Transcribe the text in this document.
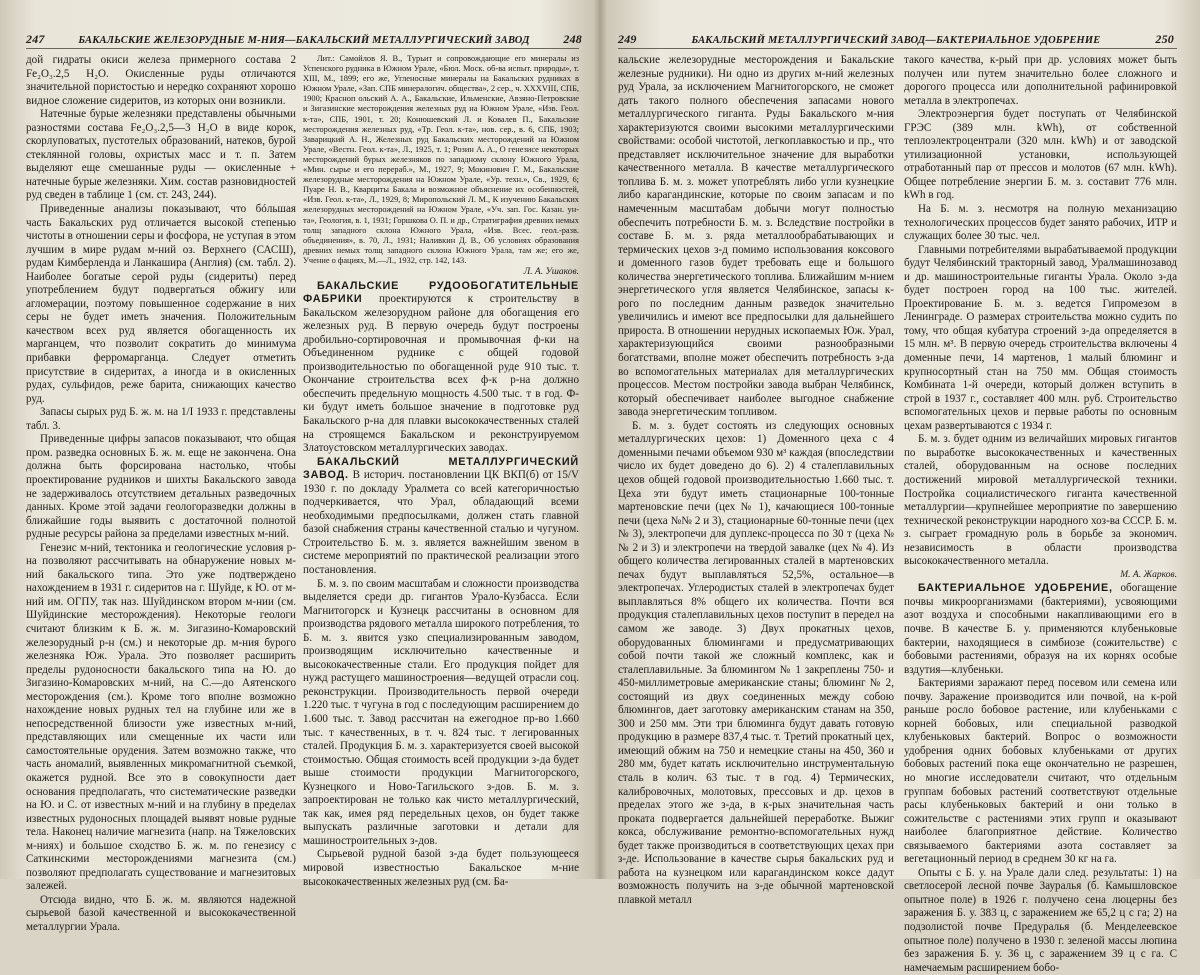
247	БАКАЛЬСКИЕ ЖЕЛЕЗОРУДНЫЕ М-НИЯ—БАКАЛЬСКИЙ МЕТАЛЛУРГИЧЕСКИЙ ЗАВОД	248

дой гидраты окиси железа примерного состава 2 Fe₂O₃.2,5 H₂O. Окисленные руды отличаются значительной пористостью и нередко сохраняют хорошо видное сложение сидеритов, из которых они возникли.

Натечные бурые железняки представлены обычными разностями состава Fe₂O₃.2,5—3 H₂O в виде корок, скорлуповатых, пустотелых образований, натеков, бурой стеклянной головы, охристых масс и т. п. Затем выделяют еще смешанные руды — окисленные + натечные бурые железняки. Хим. состав разновидностей руд сведен в таблице 1 (см. ст. 243, 244).

Приведенные анализы показывают, что бóльшая часть Бакальских руд отличается высокой степенью чистоты в отношении серы и фосфора, не уступая в этом лучшим в мире рудам м-ний оз. Верхнего (САСШ), рудам Кимберлeнда и Ланкашира (Англия) (см. табл. 2). Наиболее богатые серой руды (сидериты) перед употреблением будут подвергаться обжигу или агломерации, поэтому повышенное содержание в них серы не будет иметь значения. Положительным качеством всех руд является обогащенность их марганцем, что позволит сократить до минимума прибавки ферромарганца. Следует отметить присутствие в сидеритах, а иногда и в окисленных рудах, сульфидов, реже барита, снижающих качество руд.

Запасы сырых руд Б. ж. м. на 1/I 1933 г. представлены табл. 3.

Приведенные цифры запасов показывают, что общая пром. разведка основных Б. ж. м. еще не закончена. Она должна быть форсирована настолько, чтобы проектирование рудников и шихты Бакальского завода не задерживалось отсутствием детальных разведочных данных. Кроме этой задачи геологоразведки должны в ближайшие годы выявить с достаточной полнотой рудные ресурсы района за пределами известных м-ний.

Генезис м-ний, тектоника и геологические условия р-на позволяют рассчитывать на обнаружение новых м-ний бакальского типа. Это уже подтверждено нахождением в 1931 г. сидеритов на г. Шуйде, к Ю. от м-ний им. ОГПУ, так наз. Шуйдинском втором м-нии (см. Шуйдинские месторождения). Некоторые геологи считают близким к Б. ж. м. Зигазино-Комаровский железорудный р-н (см.) и некоторые др. м-ния бурого железняка Юж. Урала. Это позволяет расширить пределы рудоносности бакальского типа на Ю. до Зигазино-Комаровских м-ний, на С.—до Аятенского месторождения (см.). Кроме того вполне возможно нахождение новых рудных тел на глубине или же в непосредственной близости уже известных м-ний, представляющих или смещенные их части или самостоятельные орудения. Затем возможно также, что часть аномалий, выявленных микромагнитной съемкой, окажется рудной. Все это в совокупности дает основания предполагать, что систематические разведки на Ю. и С. от известных м-ний и на глубину в пределах известных рудоносных площадей выявят новые рудные тела. Наконец наличие магнезита (напр. на Тяжеловских м-ниях) и большое сходство Б. ж. м. по генезису с Саткинскими месторождениями магнезита (см.) позволяют предполагать существование и магнезитовых залежей.

Отсюда видно, что Б. ж. м. являются надежной сырьевой базой качественной и высококачественной металлургии Урала.

Лит.: Самойлов Я. В., Турьит и сопровождающие его минералы из Успенского рудника в Южном Урале, «Бюл. Моск. об-ва испыт. природы», т. XIII, М., 1899; его же, Угленосные минералы на Бакальских рудниках в Южном Урале, «Зап. СПБ минералогич. общества», 2 сер., ч. XXXVIII, СПБ, 1900; Красноп ольский А. А., Бакальские, Ильменские, Авзяно-Петровские и Зигазинские месторождения железных руд на Южном Урале, «Изв. Геол. к-та», СПБ, 1901, т. 20; Конюшевский Л. и Ковалев П., Бакальские месторождения железных руд, «Тр. Геол. к-та», нов. сер., в. 6, СПБ, 1903; Заварицкий А. Н., Железных руд Бакальских месторождений на Южном Урале, «Вестн. Геол. к-та», Л., 1925, т. 1; Розин А. А., О генезисе некоторых месторождений бурых железняков по западному склону Южного Урала, «Мин. сырье и его перераб.», М., 1927, 9; Мокинович Г. М., Бакальские железорудные месторождения на Южном Урале, «Ур. техн.», Св., 1929, 6; Пуаре Н. В., Кварциты Бакала и возможное объяснение их особенностей, «Изв. Геол. к-та», Л., 1929, 8; Миропольский Л. М., К изучению Бакальских железорудных месторождений на Южном Урале, «Уч. зап. Гос. Казан. ун-та», Геология, в. 1, 1931; Горшкова О. П. и др., Стратиграфия древних немых толщ западного склона Южного Урала, «Изв. Всес. геол.-разв. объединения», в. 70, Л., 1931; Наливкин Д. В., Об условиях образования древних немых толщ западного склона Южного Урала, там же; его же, Учение о фациях, М.—Л., 1932, стр. 142, 143.

Л. А. Ушаков.

БАКАЛЬСКИЕ РУДООБОГАТИТЕЛЬНЫЕ ФАБРИКИ проектируются к строительству в Бакальском железорудном районе для обогащения его железных руд. В первую очередь будут построены дробильно-сортировочная и промывочная ф-ки на Объединенном руднике с общей годовой производительностью по обогащенной руде 910 тыс. т. Окончание строительства всех ф-к р-на должно обеспечить предельную мощность 4.500 тыс. т в год. Ф-ки будут иметь большое значение в подготовке руд Бакальского р-на для плавки высококачественных сталей на строящемся Бакальском и реконструируемом Златоустовском металлургических заводах.

БАКАЛЬСКИЙ МЕТАЛЛУРГИЧЕСКИЙ ЗАВОД. В историч. постановлении ЦК ВКП(б) от 15/V 1930 г. по докладу Уралмета со всей категоричностью подчеркивается, что Урал, обладающий всеми необходимыми предпосылками, должен стать главной базой снабжения страны качественной сталью и чугуном. Строительство Б. м. з. является важнейшим звеном в системе мероприятий по практической реализации этого постановления.

Б. м. з. по своим масштабам и сложности производства выделяется среди др. гигантов Урало-Кузбасса. Если Магнитогорск и Кузнецк рассчитаны в основном для производства рядового металла широкого потребления, то Б. м. з. явится узко специализированным заводом, производящим исключительно качественные и высококачественные стали. Его продукция пойдет для нужд растущего машиностроения—ведущей отрасли соц. реконструкции. Производительность первой очереди 1.220 тыс. т чугуна в год с последующим расширением до 1.600 тыс. т. Завод рассчитан на ежегодное пр-во 1.660 тыс. т качественных, в т. ч. 824 тыс. т легированных сталей. Продукция Б. м. з. характеризуется своей высокой стоимостью. Общая стоимость всей продукции з-да будет выше стоимости продукции Магнитогорского, Кузнецкого и Ново-Тагильского з-дов. Б. м. з. запроектирован не только как чисто металлургический, так как, имея ряд передельных цехов, он будет также выпускать различные заготовки и детали для машиностроительных з-дов.

Сырьевой рудной базой з-да будет пользующееся мировой известностью Бакальское м-ние высококачественных железных руд (см. Ба-

249	БАКАЛЬСКИЙ МЕТАЛЛУРГИЧЕСКИЙ ЗАВОД—БАКТЕРИАЛЬНОЕ УДОБРЕНИЕ	250

кальские железорудные месторождения и Бакальские железные рудники). Ни одно из других м-ний железных руд Урала, за исключением Магнитогорского, не сможет дать такого полного обеспечения запасами нового металлургического гиганта. Руды Бакальского м-ния характеризуются своими высокими металлургическими свойствами: особой чистотой, легкоплавкостью и пр., что представляет исключительное значение для выработки качественного металла. В качестве металлургического топлива Б. м. з. может употреблять либо угли кузнецкие либо карагандинские, которые по своим запасам и по намеченным масштабам добычи могут полностью обеспечить потребности Б. м. з. Вследствие постройки в составе Б. м. з. ряда металлообрабатывающих и термических цехов з-д помимо использования коксового и доменного газов будет требовать еще и большого количества энергетического топлива. Ближайшим м-нием энергетического угля является Челябинское, запасы к-рого по последним данным разведок значительно увеличились и имеют все предпосылки для дальнейшего прироста. В отношении нерудных ископаемых Юж. Урал, характеризующийся своими разнообразными богатствами, вполне может обеспечить потребность з-да во вспомогательных материалах для металлургических процессов. Местом постройки завода выбран Челябинск, который обеспечивает наиболее выгодное снабжение завода энергетическим топливом.

Б. м. з. будет состоять из следующих основных металлургических цехов: 1) Доменного цеха с 4 доменными печами объемом 930 м³ каждая (впоследствии число их будет доведено до 6). 2) 4 сталеплавильных цехов общей годовой производительностью 1.660 тыс. т. Цеха эти будут иметь стационарные 100-тонные мартеновские печи (цех № 1), качающиеся 100-тонные печи (цеха №№ 2 и 3), стационарные 60-тонные печи (цех № 3), электропечи для дуплекс-процесса по 30 т (цеха №№ 2 и 3) и электропечи на твердой завалке (цех № 4). Из общего количества легированных сталей в мартеновских печах будут выплавляться 52,5%, остальное—в электропечах. Углеродистых сталей в электропечах будет выплавляться 8% общего их количества. Почти вся продукция сталеплавильных цехов поступит в передел на самом же заводе. 3) Двух прокатных цехов, оборудованных блюмингами и предусматривающих собой почти такой же сложный комплекс, как и сталеплавильные. За блюмингом № 1 закреплены 750- и 450-миллиметровые американские станы; блюминг № 2, состоящий из двух соединенных между собою блюмингов, дает заготовку американским станам на 350, 300 и 250 мм. Эти три блюминга будут давать готовую продукцию в размере 837,4 тыс. т. Третий прокатный цех, имеющий обжим на 750 и немецкие станы на 450, 360 и 280 мм, будет катать исключительно инструментальную сталь в колич. 63 тыс. т в год. 4) Термических, калибровочных, молотовых, прессовых и др. цехов в пределах этого же з-да, в к-рых значительная часть проката подвергается дальнейшей переработке. Выжиг кокса, обслуживание ремонтно-вспомогательных нужд будет также производиться в соответствующих цехах при з-де. Использование в качестве сырья бакальских руд и работа на кузнецком или карагандинском коксе дадут возможность получить на з-де обычной мартеновской плавкой металл

такого качества, к-рый при др. условиях может быть получен или путем значительно более сложного и дорогого процесса или дополнительной рафинировкой металла в электропечах.

Электроэнергия будет поступать от Челябинской ГРЭС (389 млн. kWh), от собственной теплоэлектроцентрали (320 млн. kWh) и от заводской утилизационной установки, использующей отработанный пар от прессов и молотов (67 млн. kWh). Общее потребление энергии Б. м. з. составит 776 млн. kWh в год.

На Б. м. з. несмотря на полную механизацию технологических процессов будет занято рабочих, ИТР и служащих более 30 тыс. чел.

Главными потребителями вырабатываемой продукции будут Челябинский тракторный завод, Уралмашинозавод и др. машиностроительные гиганты Урала. Около з-да будет построен город на 100 тыс. жителей. Проектирование Б. м. з. ведется Гипромезом в Ленинграде. О размерах строительства можно судить по тому, что общая кубатура строений з-да определяется в 15 млн. м³. В первую очередь строительства включены 4 доменные печи, 14 мартенов, 1 малый блюминг и крупносортный стан на 750 мм. Общая стоимость Комбината 1-й очереди, который должен вступить в строй в 1937 г., составляет 400 млн. руб. Строительство вспомогательных цехов и первые работы по основным цехам развертываются с 1934 г.

Б. м. з. будет одним из величайших мировых гигантов по выработке высококачественных и качественных сталей, оборудованным на основе последних достижений мировой металлургической техники. Постройка социалистического гиганта качественной металлургии—крупнейшее мероприятие по завершению технической реконструкции народного хоз-ва СССР. Б. м. з. сыграет громадную роль в борьбе за экономич. независимость в области производства высококачественного металла.

М. А. Жарков.

БАКТЕРИАЛЬНОЕ УДОБРЕНИЕ, обогащение почвы микроорганизмами (бактериями), усвояющими азот воздуха и способными накапливающими его в почве. В качестве Б. у. применяются клубеньковые бактерии, находящиеся в симбиозе (сожительстве) с бобовыми растениями, образуя на их корнях особые вздутия—клубеньки.

Бактериями заражают перед посевом или семена или почву. Заражение производится или почвой, на к-рой раньше росло бобовое растение, или клубеньками с корней бобовых, или специальной разводкой клубеньковых бактерий. Вопрос о возможности удобрения одних бобовых клубеньками от других бобовых растений пока еще окончательно не разрешен, но многие исследователи считают, что отдельным группам бобовых растений соответствуют отдельные расы клубеньковых бактерий и они только в сожительстве с растениями этих групп и оказывают наиболее благоприятное действие. Количество связываемого бактериями азота составляет за вегетационный период в среднем 30 кг на га.

Опыты с Б. у. на Урале дали след. результаты: 1) на светлосерой лесной почве Зауралья (б. Камышловское опытное поле) в 1926 г. получено сена люцерны без заражения Б. у. 383 ц, с заражением же 65,2 ц с га; 2) на подзолистой почве Предуралья (б. Менделеевское опытное поле) получено в 1930 г. зеленой массы люпина без заражения Б. у. 36 ц, с заражением 39 ц с га. С намечаемым расширением бобо-
